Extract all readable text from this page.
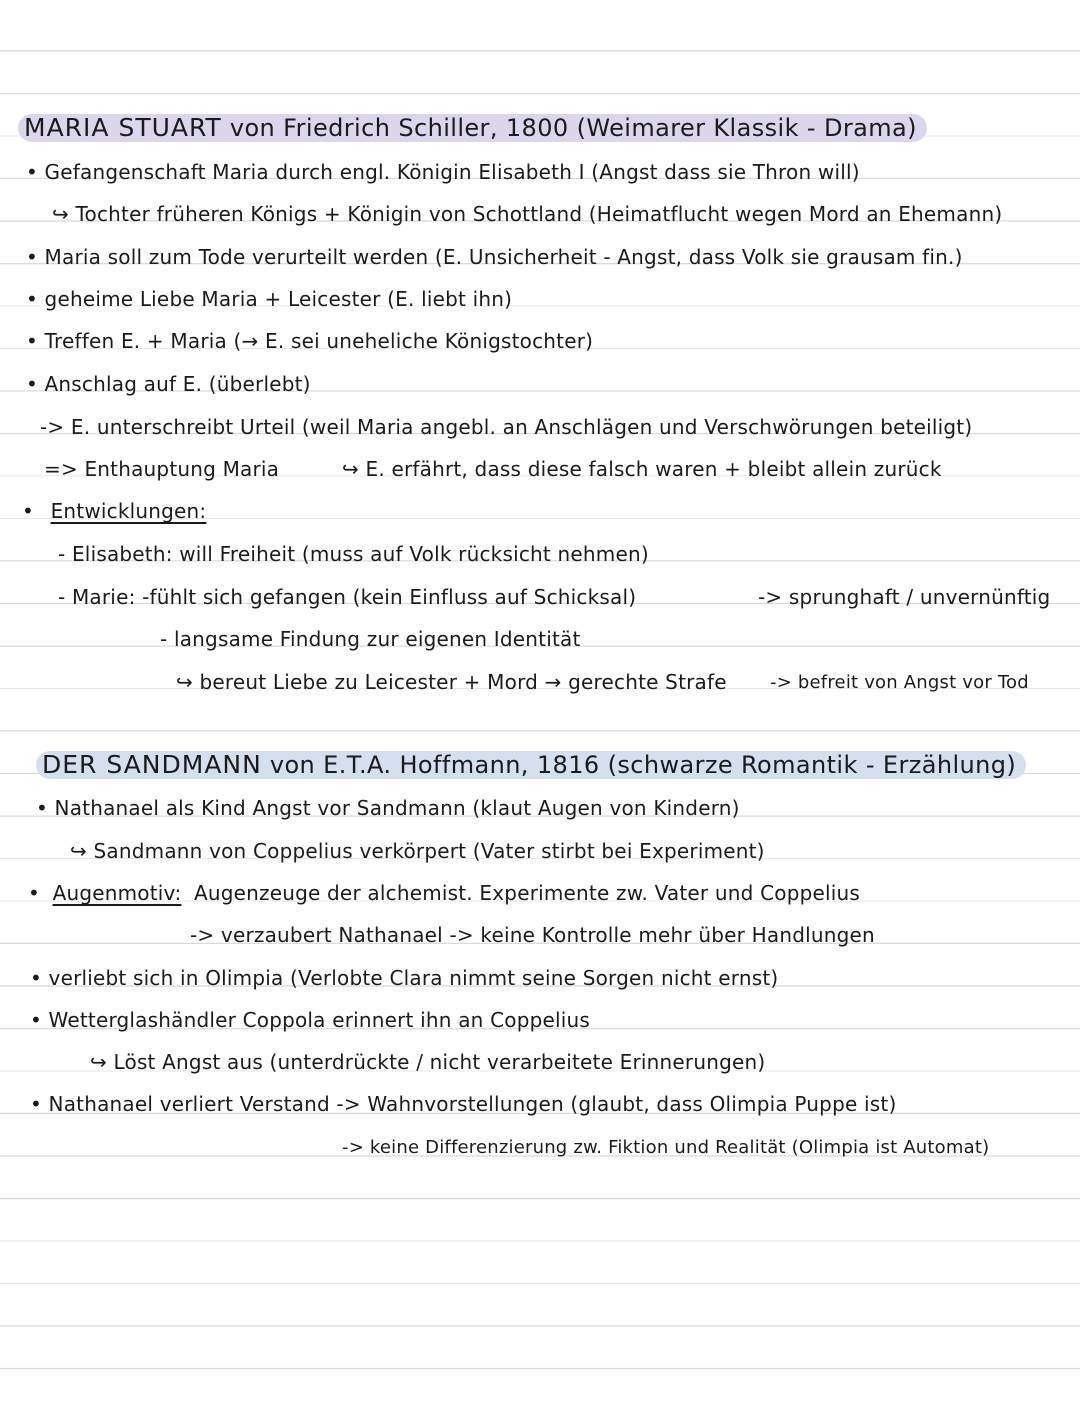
MARIA STUART von Friedrich Schiller, 1800 (Weimarer Klassik - Drama)
• Gefangenschaft Maria durch engl. Königin Elisabeth I (Angst dass sie Thron will)
↪ Tochter früheren Königs + Königin von Schottland (Heimatflucht wegen Mord an Ehemann)
• Maria soll zum Tode verurteilt werden (E. Unsicherheit - Angst, dass Volk sie grausam fin.)
• geheime Liebe Maria + Leicester (E. liebt ihn)
• Treffen E. + Maria (→ E. sei uneheliche Königstochter)
• Anschlag auf E. (überlebt)
-> E. unterschreibt Urteil (weil Maria angebl. an Anschlägen und Verschwörungen beteiligt)
=> Enthauptung Maria	↪ E. erfährt, dass diese falsch waren + bleibt allein zurück
• Entwicklungen:
- Elisabeth: will Freiheit (muss auf Volk rücksicht nehmen)
- Marie: -fühlt sich gefangen (kein Einfluss auf Schicksal)	-> sprunghaft / unvernünftig
- langsame Findung zur eigenen Identität
↪ bereut Liebe zu Leicester + Mord → gerechte Strafe -> befreit von Angst vor Tod
DER SANDMANN von E.T.A. Hoffmann, 1816 (schwarze Romantik - Erzählung)
• Nathanael als Kind Angst vor Sandmann (klaut Augen von Kindern)
↪ Sandmann von Coppelius verkörpert (Vater stirbt bei Experiment)
• Augenmotiv: Augenzeuge der alchemist. Experimente zw. Vater und Coppelius
-> verzaubert Nathanael -> keine Kontrolle mehr über Handlungen
• verliebt sich in Olimpia (Verlobte Clara nimmt seine Sorgen nicht ernst)
• Wetterglashändler Coppola erinnert ihn an Coppelius
↪ Löst Angst aus (unterdrückte / nicht verarbeitete Erinnerungen)
• Nathanael verliert Verstand -> Wahnvorstellungen (glaubt, dass Olimpia Puppe ist)
-> keine Differenzierung zw. Fiktion und Realität (Olimpia ist Automat)
